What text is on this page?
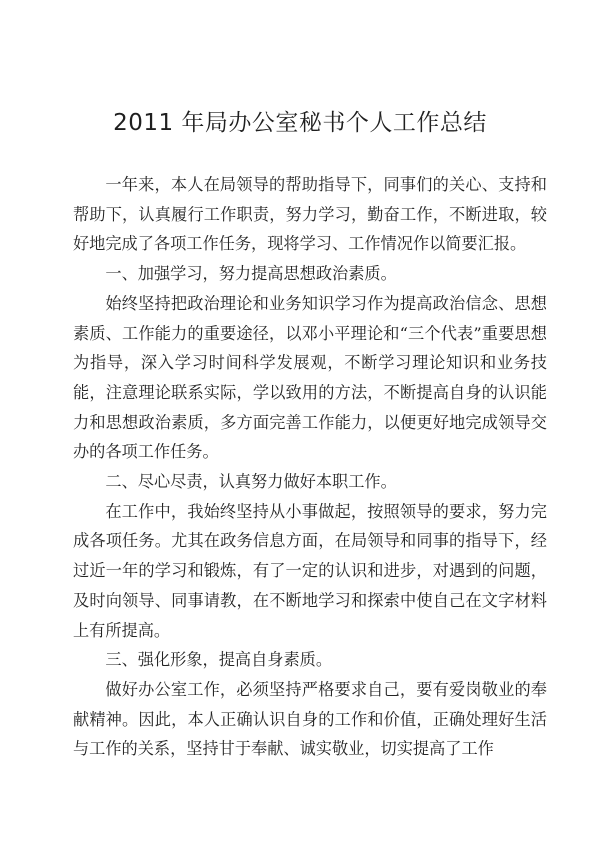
2011 年局办公室秘书个人工作总结

一年来，本人在局领导的帮助指导下，同事们的关心、支持和帮助下，认真履行工作职责，努力学习，勤奋工作，不断进取，较好地完成了各项工作任务，现将学习、工作情况作以简要汇报。

一、加强学习，努力提高思想政治素质。

始终坚持把政治理论和业务知识学习作为提高政治信念、思想素质、工作能力的重要途径，以邓小平理论和“三个代表”重要思想为指导，深入学习时间科学发展观，不断学习理论知识和业务技能，注意理论联系实际，学以致用的方法，不断提高自身的认识能力和思想政治素质，多方面完善工作能力，以便更好地完成领导交办的各项工作任务。

二、尽心尽责，认真努力做好本职工作。

在工作中，我始终坚持从小事做起，按照领导的要求，努力完成各项任务。尤其在政务信息方面，在局领导和同事的指导下，经过近一年的学习和锻炼，有了一定的认识和进步，对遇到的问题，及时向领导、同事请教，在不断地学习和探索中使自己在文字材料上有所提高。

三、强化形象，提高自身素质。

做好办公室工作，必须坚持严格要求自己，要有爱岗敬业的奉献精神。因此，本人正确认识自身的工作和价值，正确处理好生活与工作的关系，坚持甘于奉献、诚实敬业，切实提高了工作
